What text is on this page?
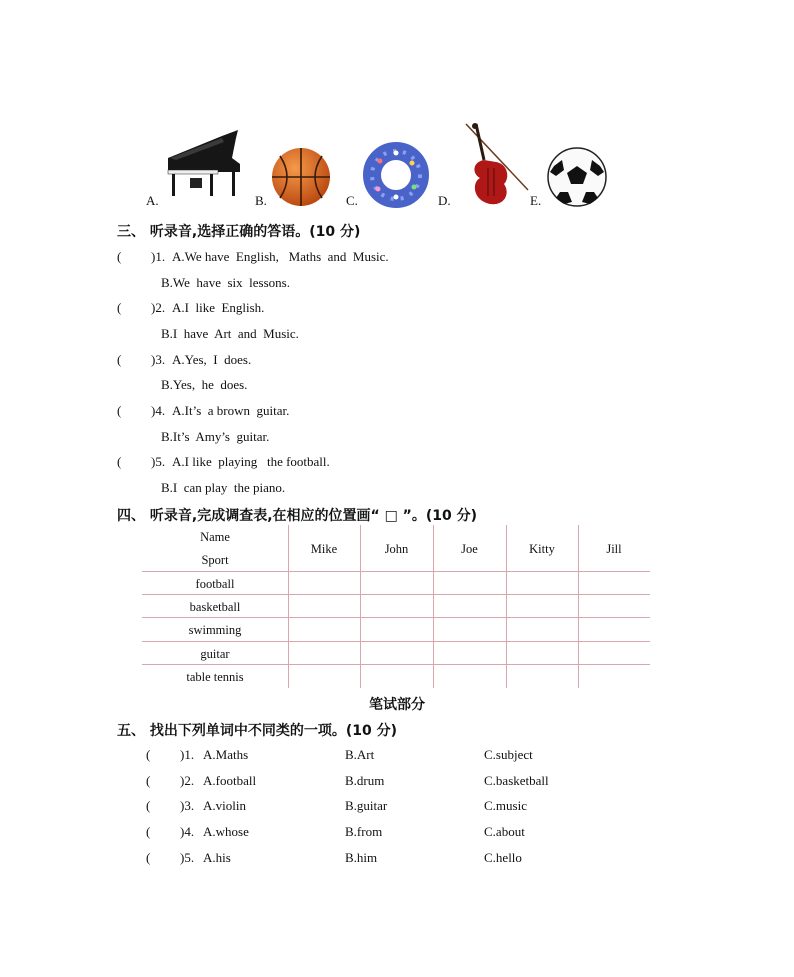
A.	B.	C.	D.	E.
三、 听录音,选择正确的答语。(10 分)
( )1. A.We have  English,   Maths  and  Music.
B.We  have  six  lessons.
( )2. A.I  like  English.
B.I  have  Art  and  Music.
( )3. A.Yes,  I  does.
B.Yes,  he  does.
( )4. A.It’s  a brown  guitar.
B.It’s  Amy’s  guitar.
( )5. A.I like  playing   the football.
B.I  can play  the piano.
四、 听录音,完成调查表,在相应的位置画“ □ ”。(10 分)
Name
Sport
Mike	John	Joe	Kitty	Jill
football
basketball
swimming
guitar
table tennis
笔试部分
五、 找出下列单词中不同类的一项。(10 分)
( )1. A.Maths	B.Art	C.subject
( )2. A.football	B.drum	C.basketball
( )3. A.violin	B.guitar	C.music
( )4. A.whose	B.from	C.about
( )5. A.his	B.him	C.hello
